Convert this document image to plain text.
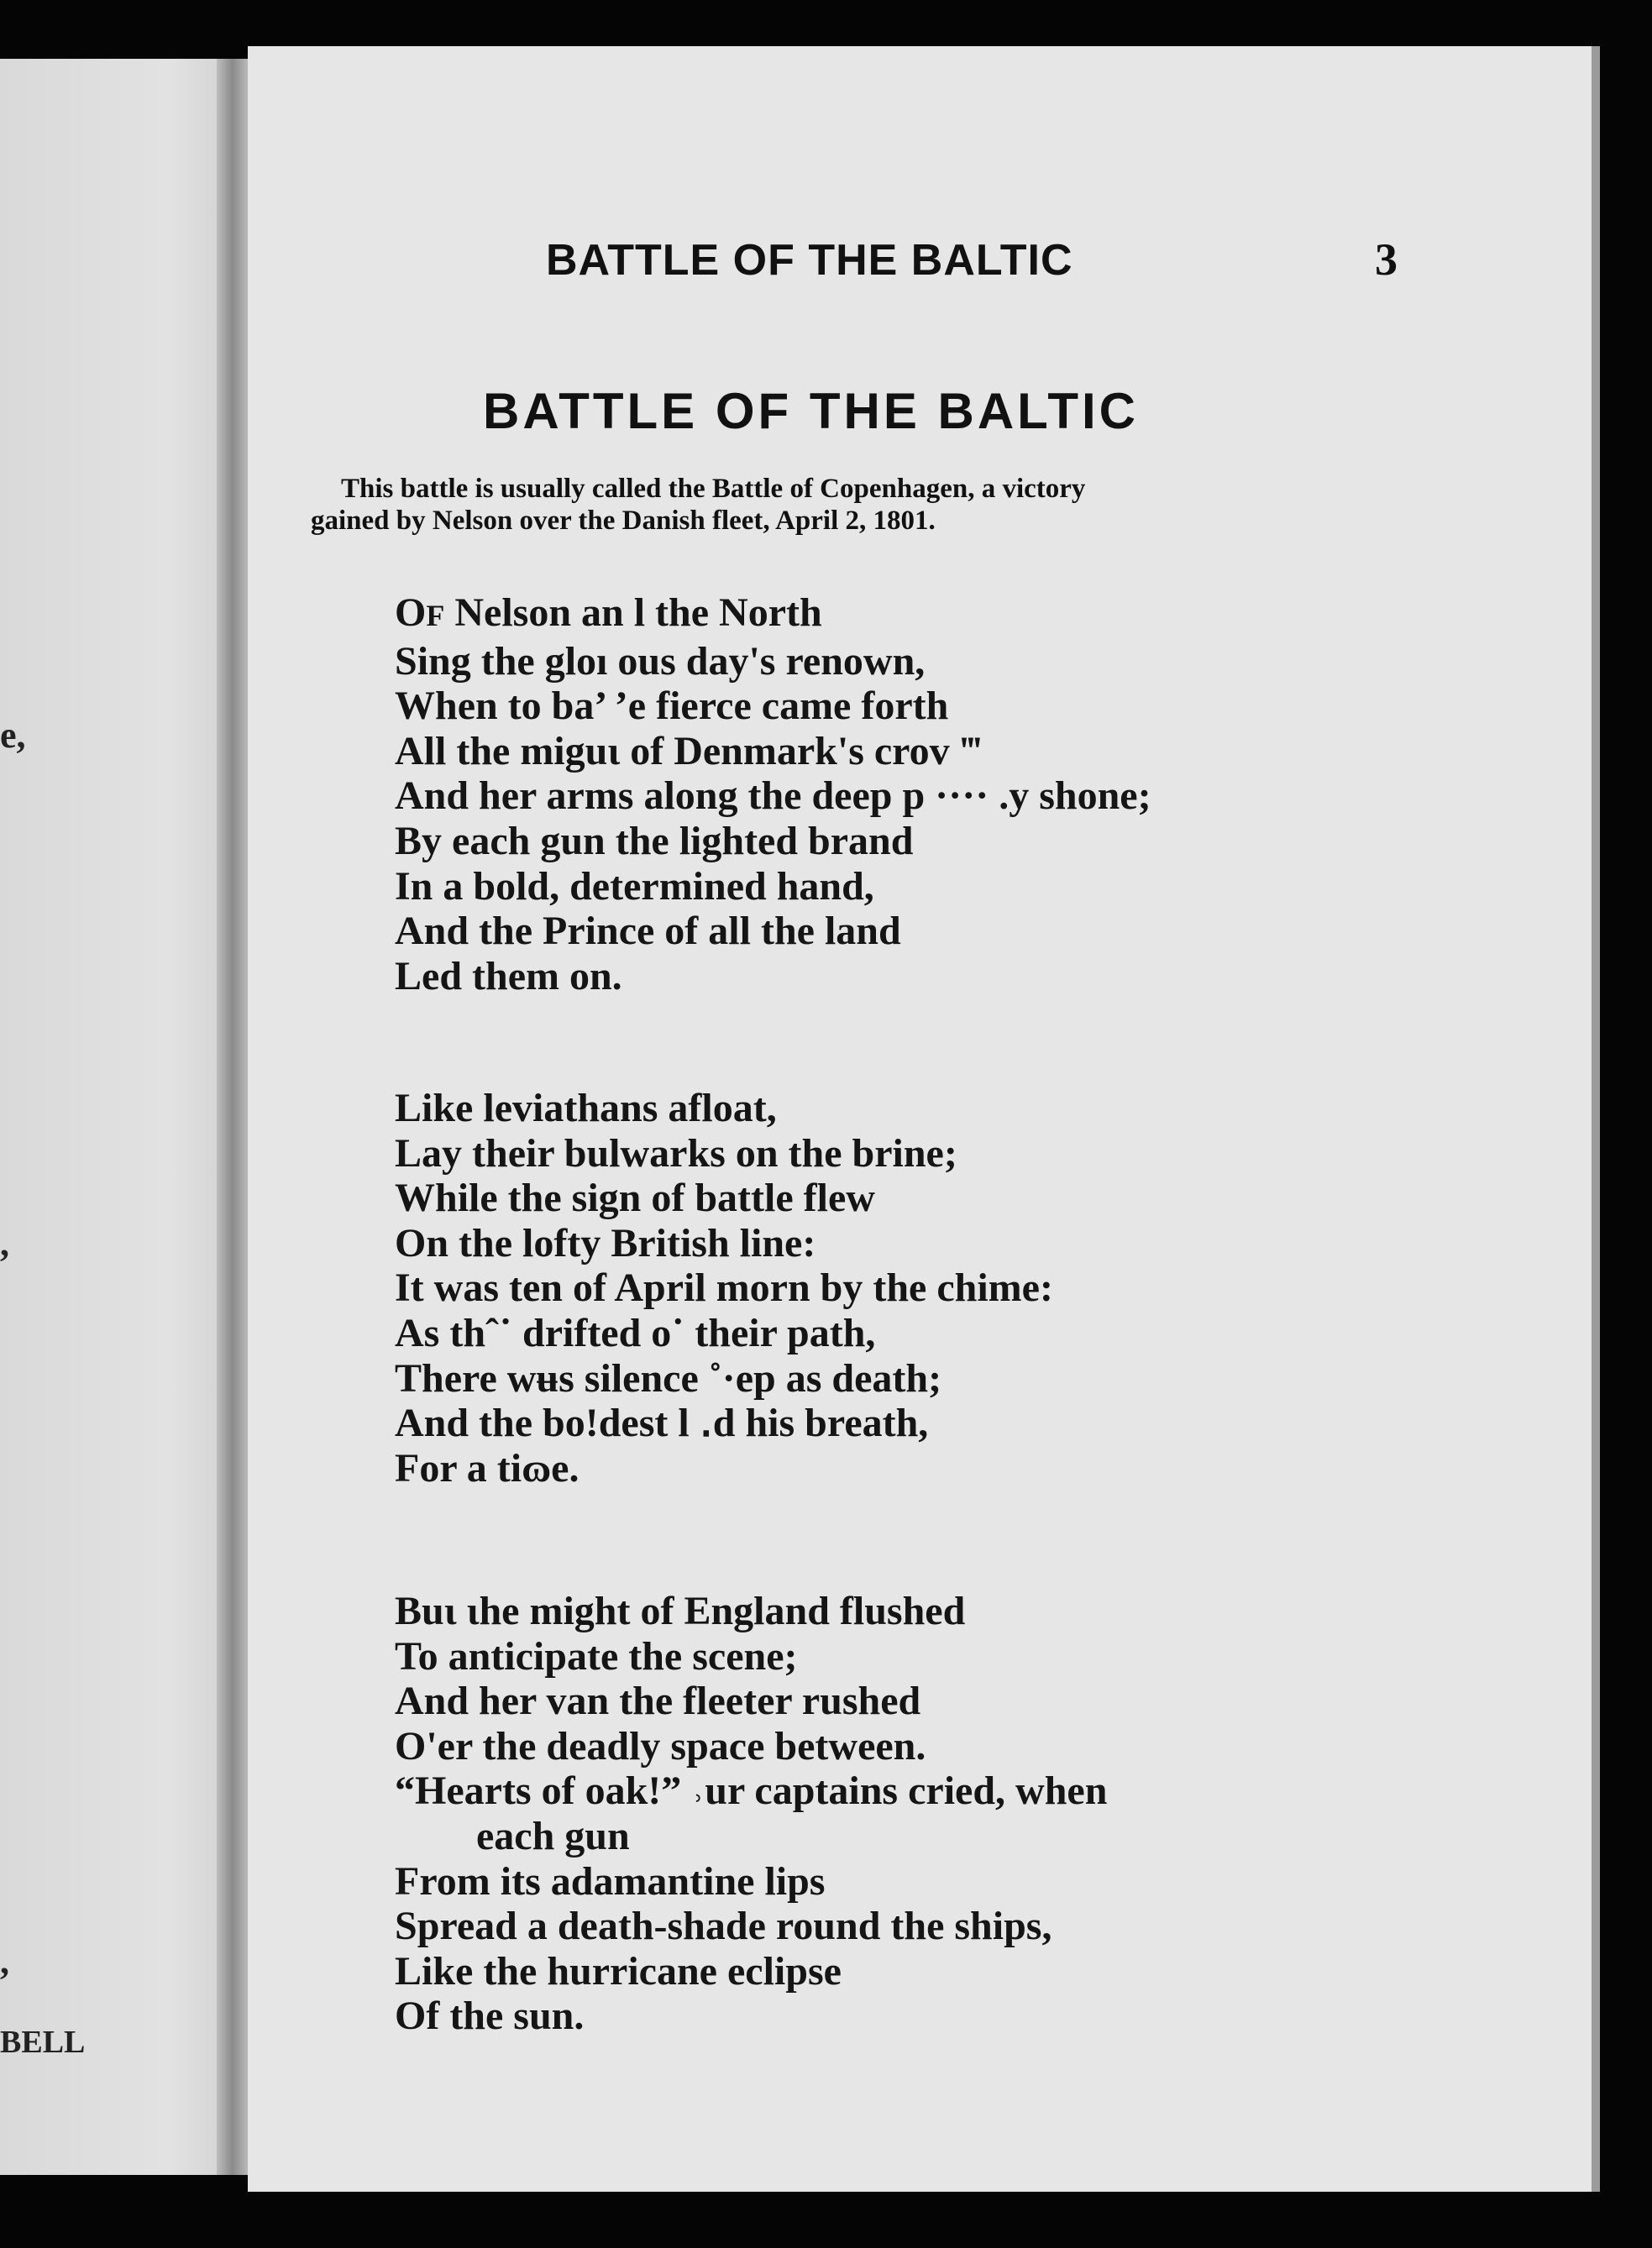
e,
,
,
BELL
BATTLE OF THE BALTIC	3
BATTLE OF THE BALTIC
This battle is usually called the Battle of Copenhagen, a victory
gained by Nelson over the Danish fleet, April 2, 1801.
OF Nelson an l the North
Sing the gloı ous day's renown,
When to ba’ ’e fierce came forth
All the miguɩ of Denmark's crov ‴
And her arms along the deep p ···· .y shone;
By each gun the lighted brand
In a bold, determined hand,
And the Prince of all the land
Led them on.
Like leviathans afloat,
Lay their bulwarks on the brine;
While the sign of battle flew
On the lofty British line:
It was ten of April morn by the chime:
As thˆ˙ drifted o˙ their path,
There wʉs silence ˚·ep as death;
And the bo!dest l ․d his breath,
For a tiɷe.
Buɩ ɩhe might of England flushed
To anticipate the scene;
And her van the fleeter rushed
O'er the deadly space between.
“Hearts of oak!” ˒ur captains cried, when
each gun
From its adamantine lips
Spread a death-shade round the ships,
Like the hurricane eclipse
Of the sun.
